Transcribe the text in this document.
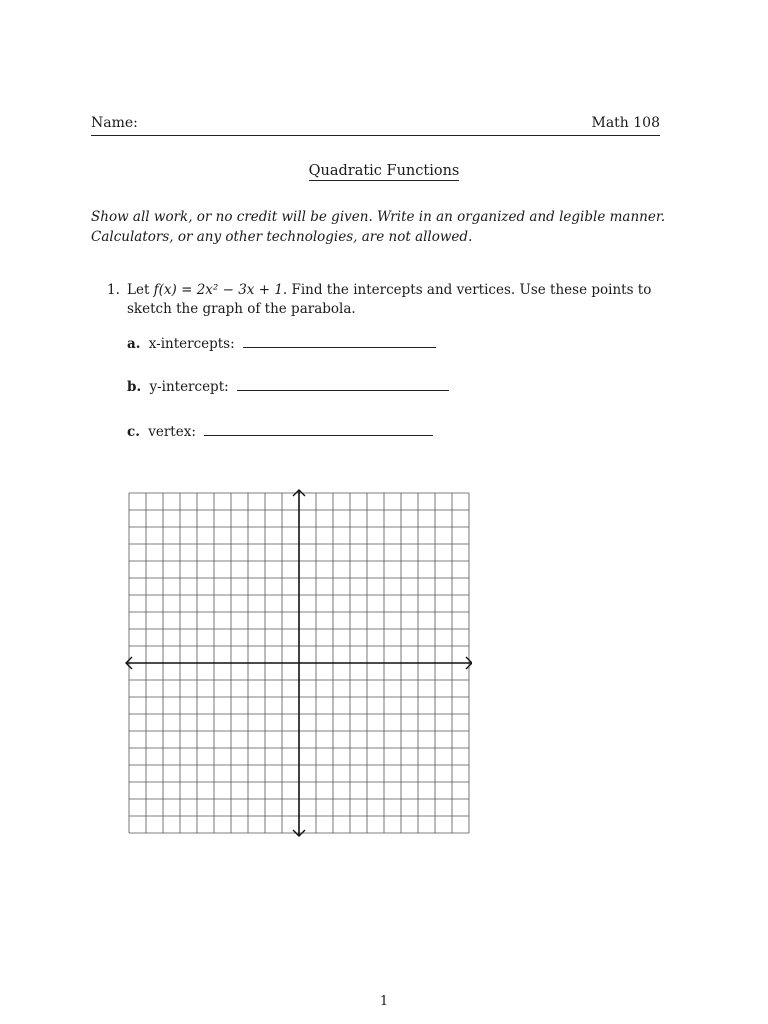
Name:	Math 108
Quadratic Functions
Show all work, or no credit will be given. Write in an organized and legible manner.
Calculators, or any other technologies, are not allowed.
1. Let f(x) = 2x² − 3x + 1. Find the intercepts and vertices. Use these points to sketch the graph of the parabola.
a. x-intercepts:
b. y-intercept:
c. vertex:
1
